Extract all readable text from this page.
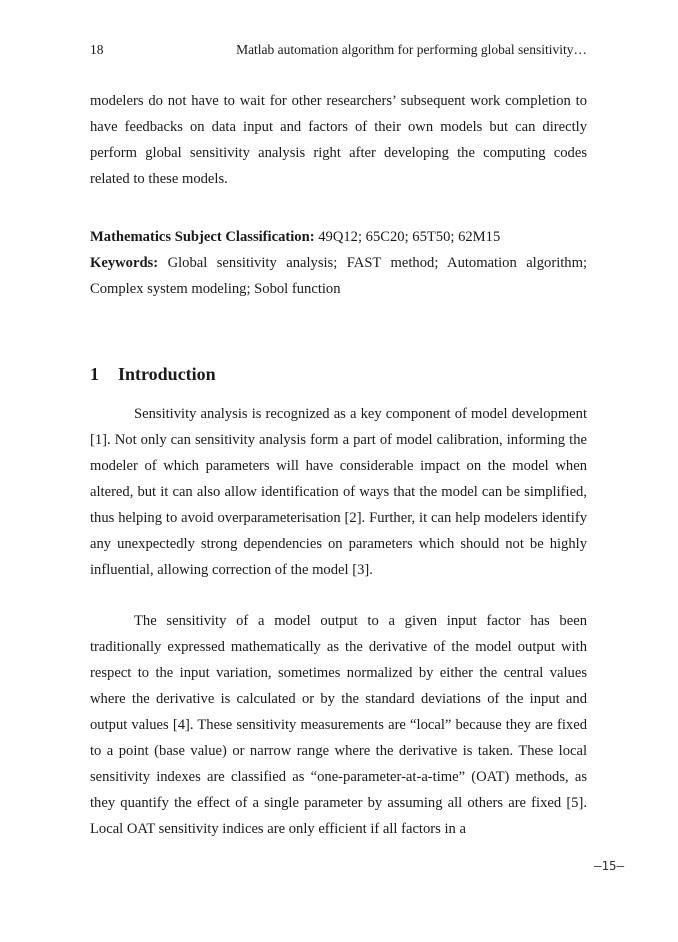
18	Matlab automation algorithm for performing global sensitivity…

modelers do not have to wait for other researchers’ subsequent work completion to have feedbacks on data input and factors of their own models but can directly perform global sensitivity analysis right after developing the computing codes related to these models.

Mathematics Subject Classification: 49Q12; 65C20; 65T50; 62M15

Keywords: Global sensitivity analysis; FAST method; Automation algorithm; Complex system modeling; Sobol function

1 Introduction

Sensitivity analysis is recognized as a key component of model development [1]. Not only can sensitivity analysis form a part of model calibration, informing the modeler of which parameters will have considerable impact on the model when altered, but it can also allow identification of ways that the model can be simplified, thus helping to avoid overparameterisation [2]. Further, it can help modelers identify any unexpectedly strong dependencies on parameters which should not be highly influential, allowing correction of the model [3].

The sensitivity of a model output to a given input factor has been traditionally expressed mathematically as the derivative of the model output with respect to the input variation, sometimes normalized by either the central values where the derivative is calculated or by the standard deviations of the input and output values [4]. These sensitivity measurements are “local” because they are fixed to a point (base value) or narrow range where the derivative is taken. These local sensitivity indexes are classified as “one-parameter-at-a-time” (OAT) methods, as they quantify the effect of a single parameter by assuming all others are fixed [5]. Local OAT sensitivity indices are only efficient if all factors in a

–15–
